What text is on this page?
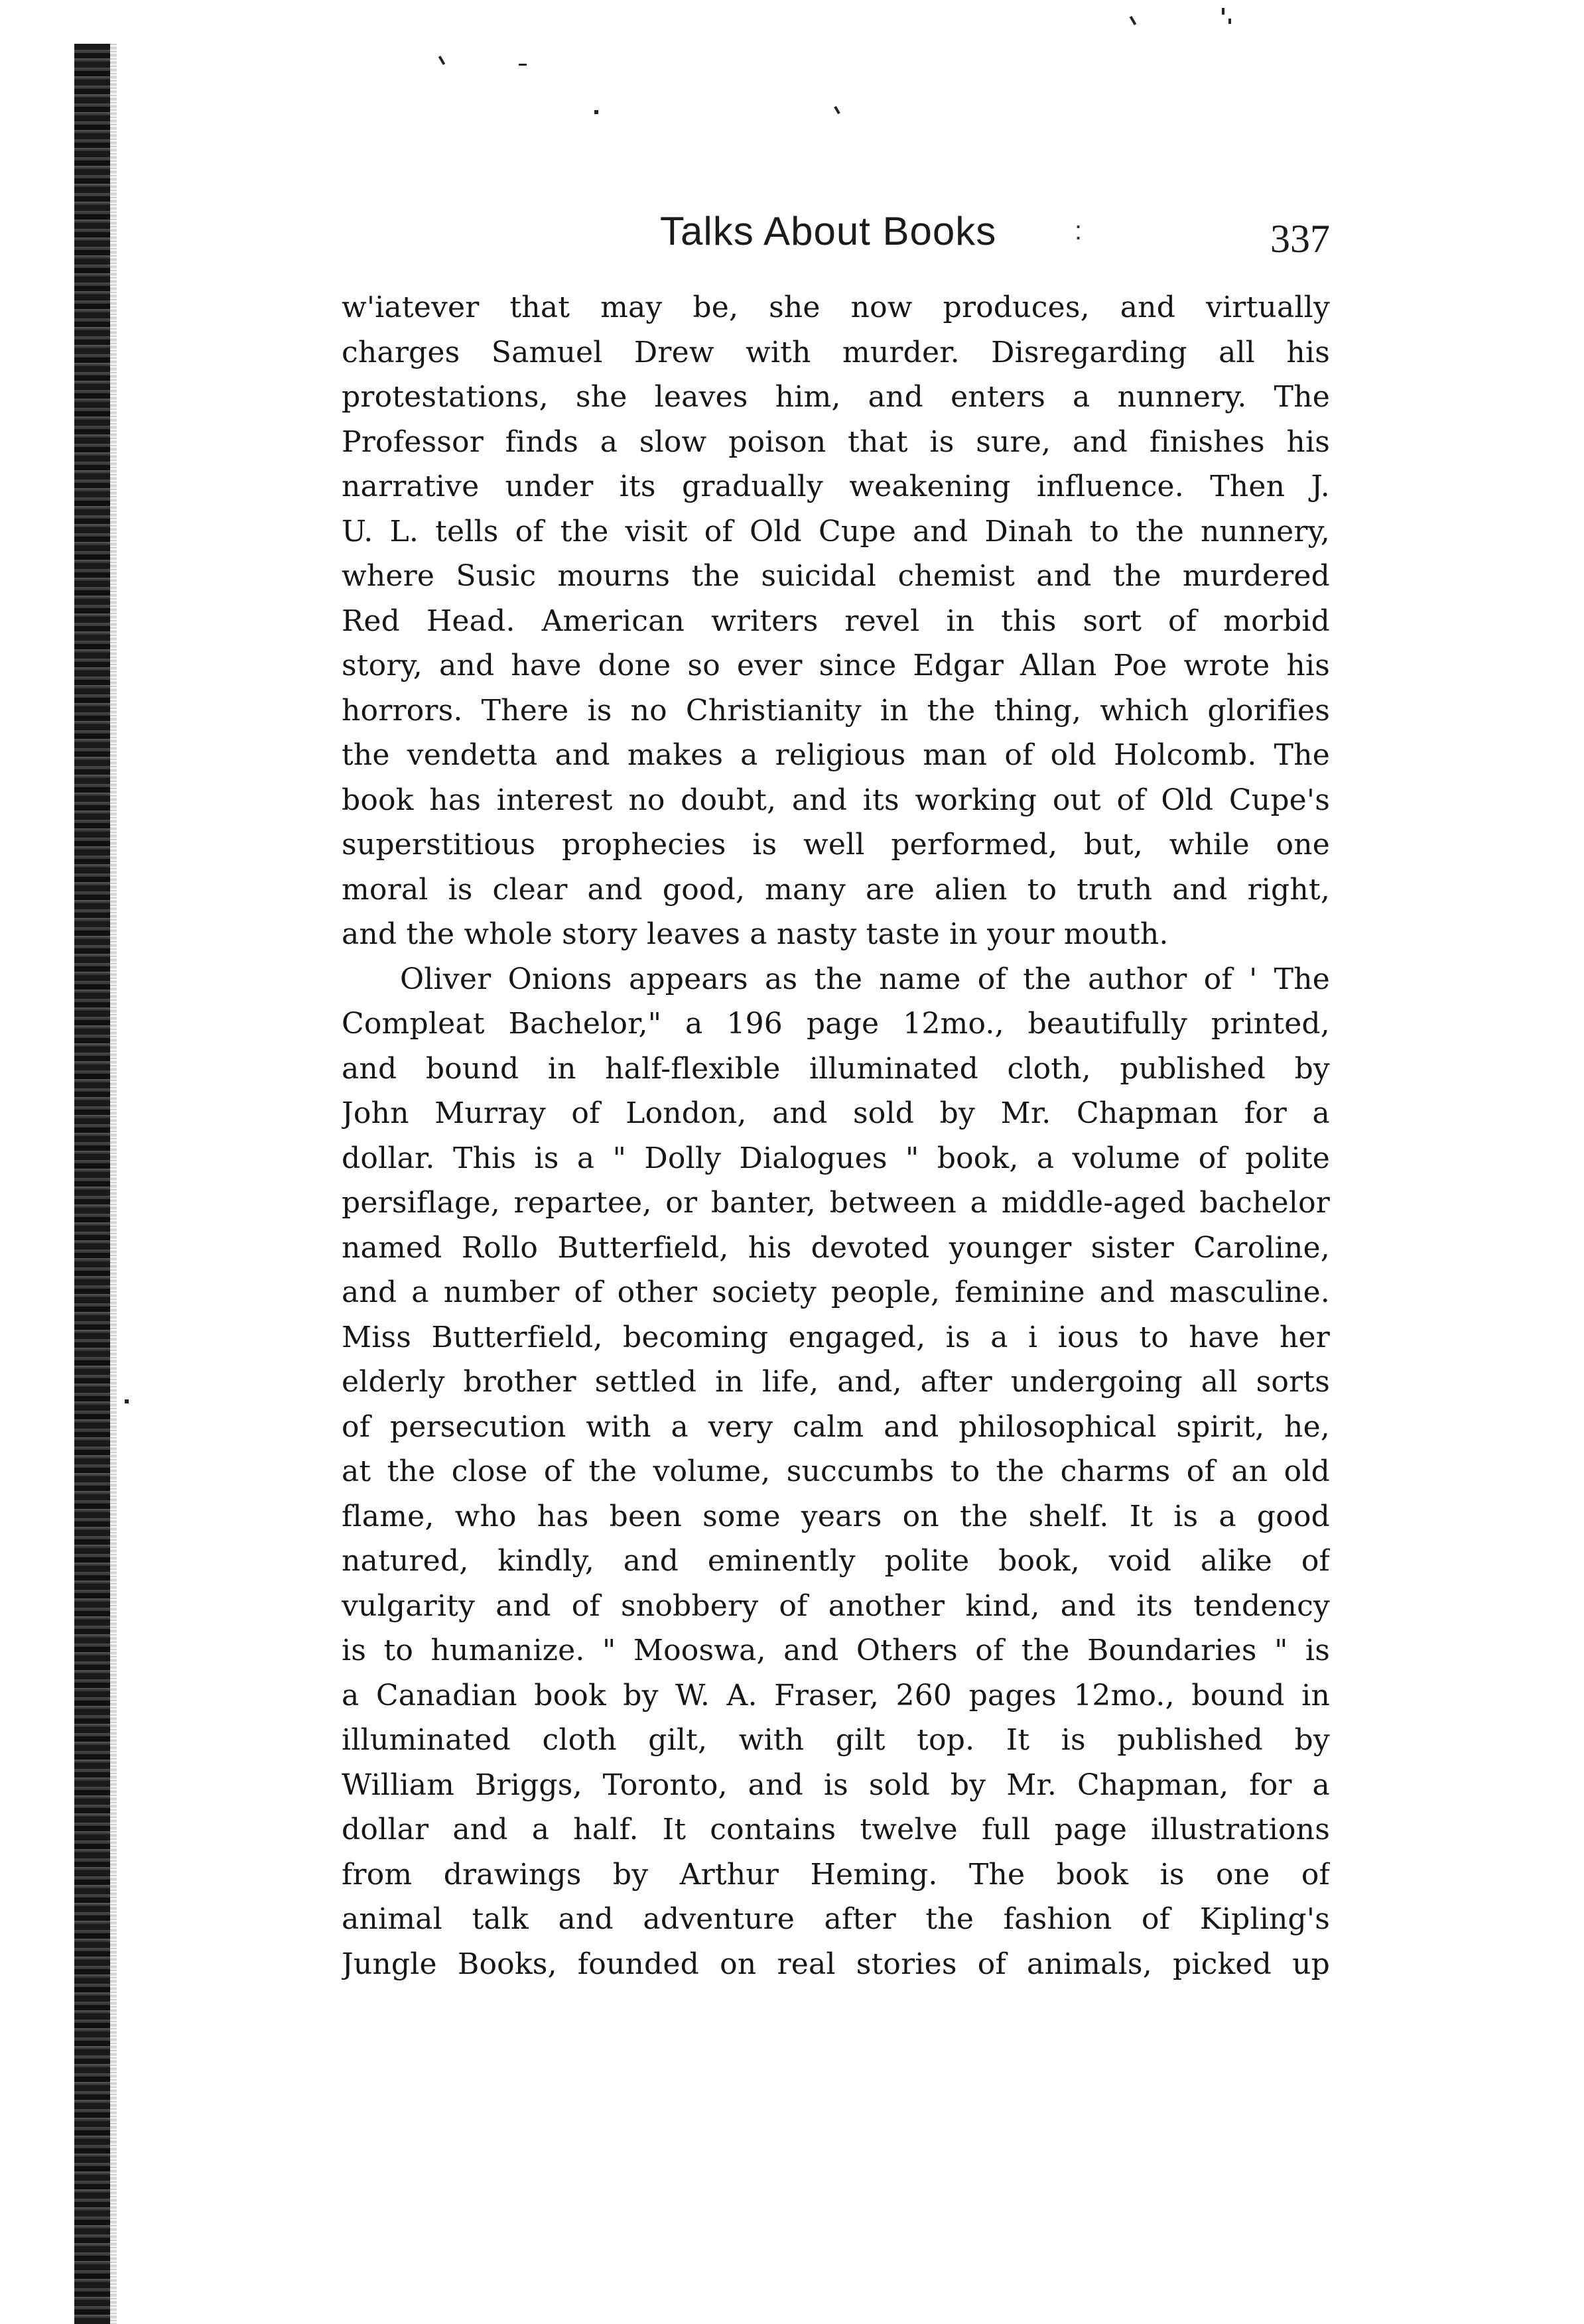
Talks About Books	:	337

w'iatever that may be, she now produces, and virtually
charges Samuel Drew with murder. Disregarding all his
protestations, she leaves him, and enters a nunnery. The
Professor finds a slow poison that is sure, and finishes his
narrative under its gradually weakening influence. Then J.
U. L. tells of the visit of Old Cupe and Dinah to the nunnery,
where Susic mourns the suicidal chemist and the murdered
Red Head. American writers revel in this sort of morbid
story, and have done so ever since Edgar Allan Poe wrote his
horrors. There is no Christianity in the thing, which glorifies
the vendetta and makes a religious man of old Holcomb. The
book has interest no doubt, and its working out of Old Cupe's
superstitious prophecies is well performed, but, while one
moral is clear and good, many are alien to truth and right,
and the whole story leaves a nasty taste in your mouth.

Oliver Onions appears as the name of the author of ' The
Compleat Bachelor," a 196 page 12mo., beautifully printed,
and bound in half-flexible illuminated cloth, published by
John Murray of London, and sold by Mr. Chapman for a
dollar. This is a " Dolly Dialogues " book, a volume of polite
persiflage, repartee, or banter, between a middle-aged bachelor
named Rollo Butterfield, his devoted younger sister Caroline,
and a number of other society people, feminine and masculine.
Miss Butterfield, becoming engaged, is a i ious to have her
elderly brother settled in life, and, after undergoing all sorts
of persecution with a very calm and philosophical spirit, he,
at the close of the volume, succumbs to the charms of an old
flame, who has been some years on the shelf. It is a good
natured, kindly, and eminently polite book, void alike of
vulgarity and of snobbery of another kind, and its tendency
is to humanize. " Mooswa, and Others of the Boundaries " is
a Canadian book by W. A. Fraser, 260 pages 12mo., bound in
illuminated cloth gilt, with gilt top. It is published by
William Briggs, Toronto, and is sold by Mr. Chapman, for a
dollar and a half. It contains twelve full page illustrations
from drawings by Arthur Heming. The book is one of
animal talk and adventure after the fashion of Kipling's
Jungle Books, founded on real stories of animals, picked up
